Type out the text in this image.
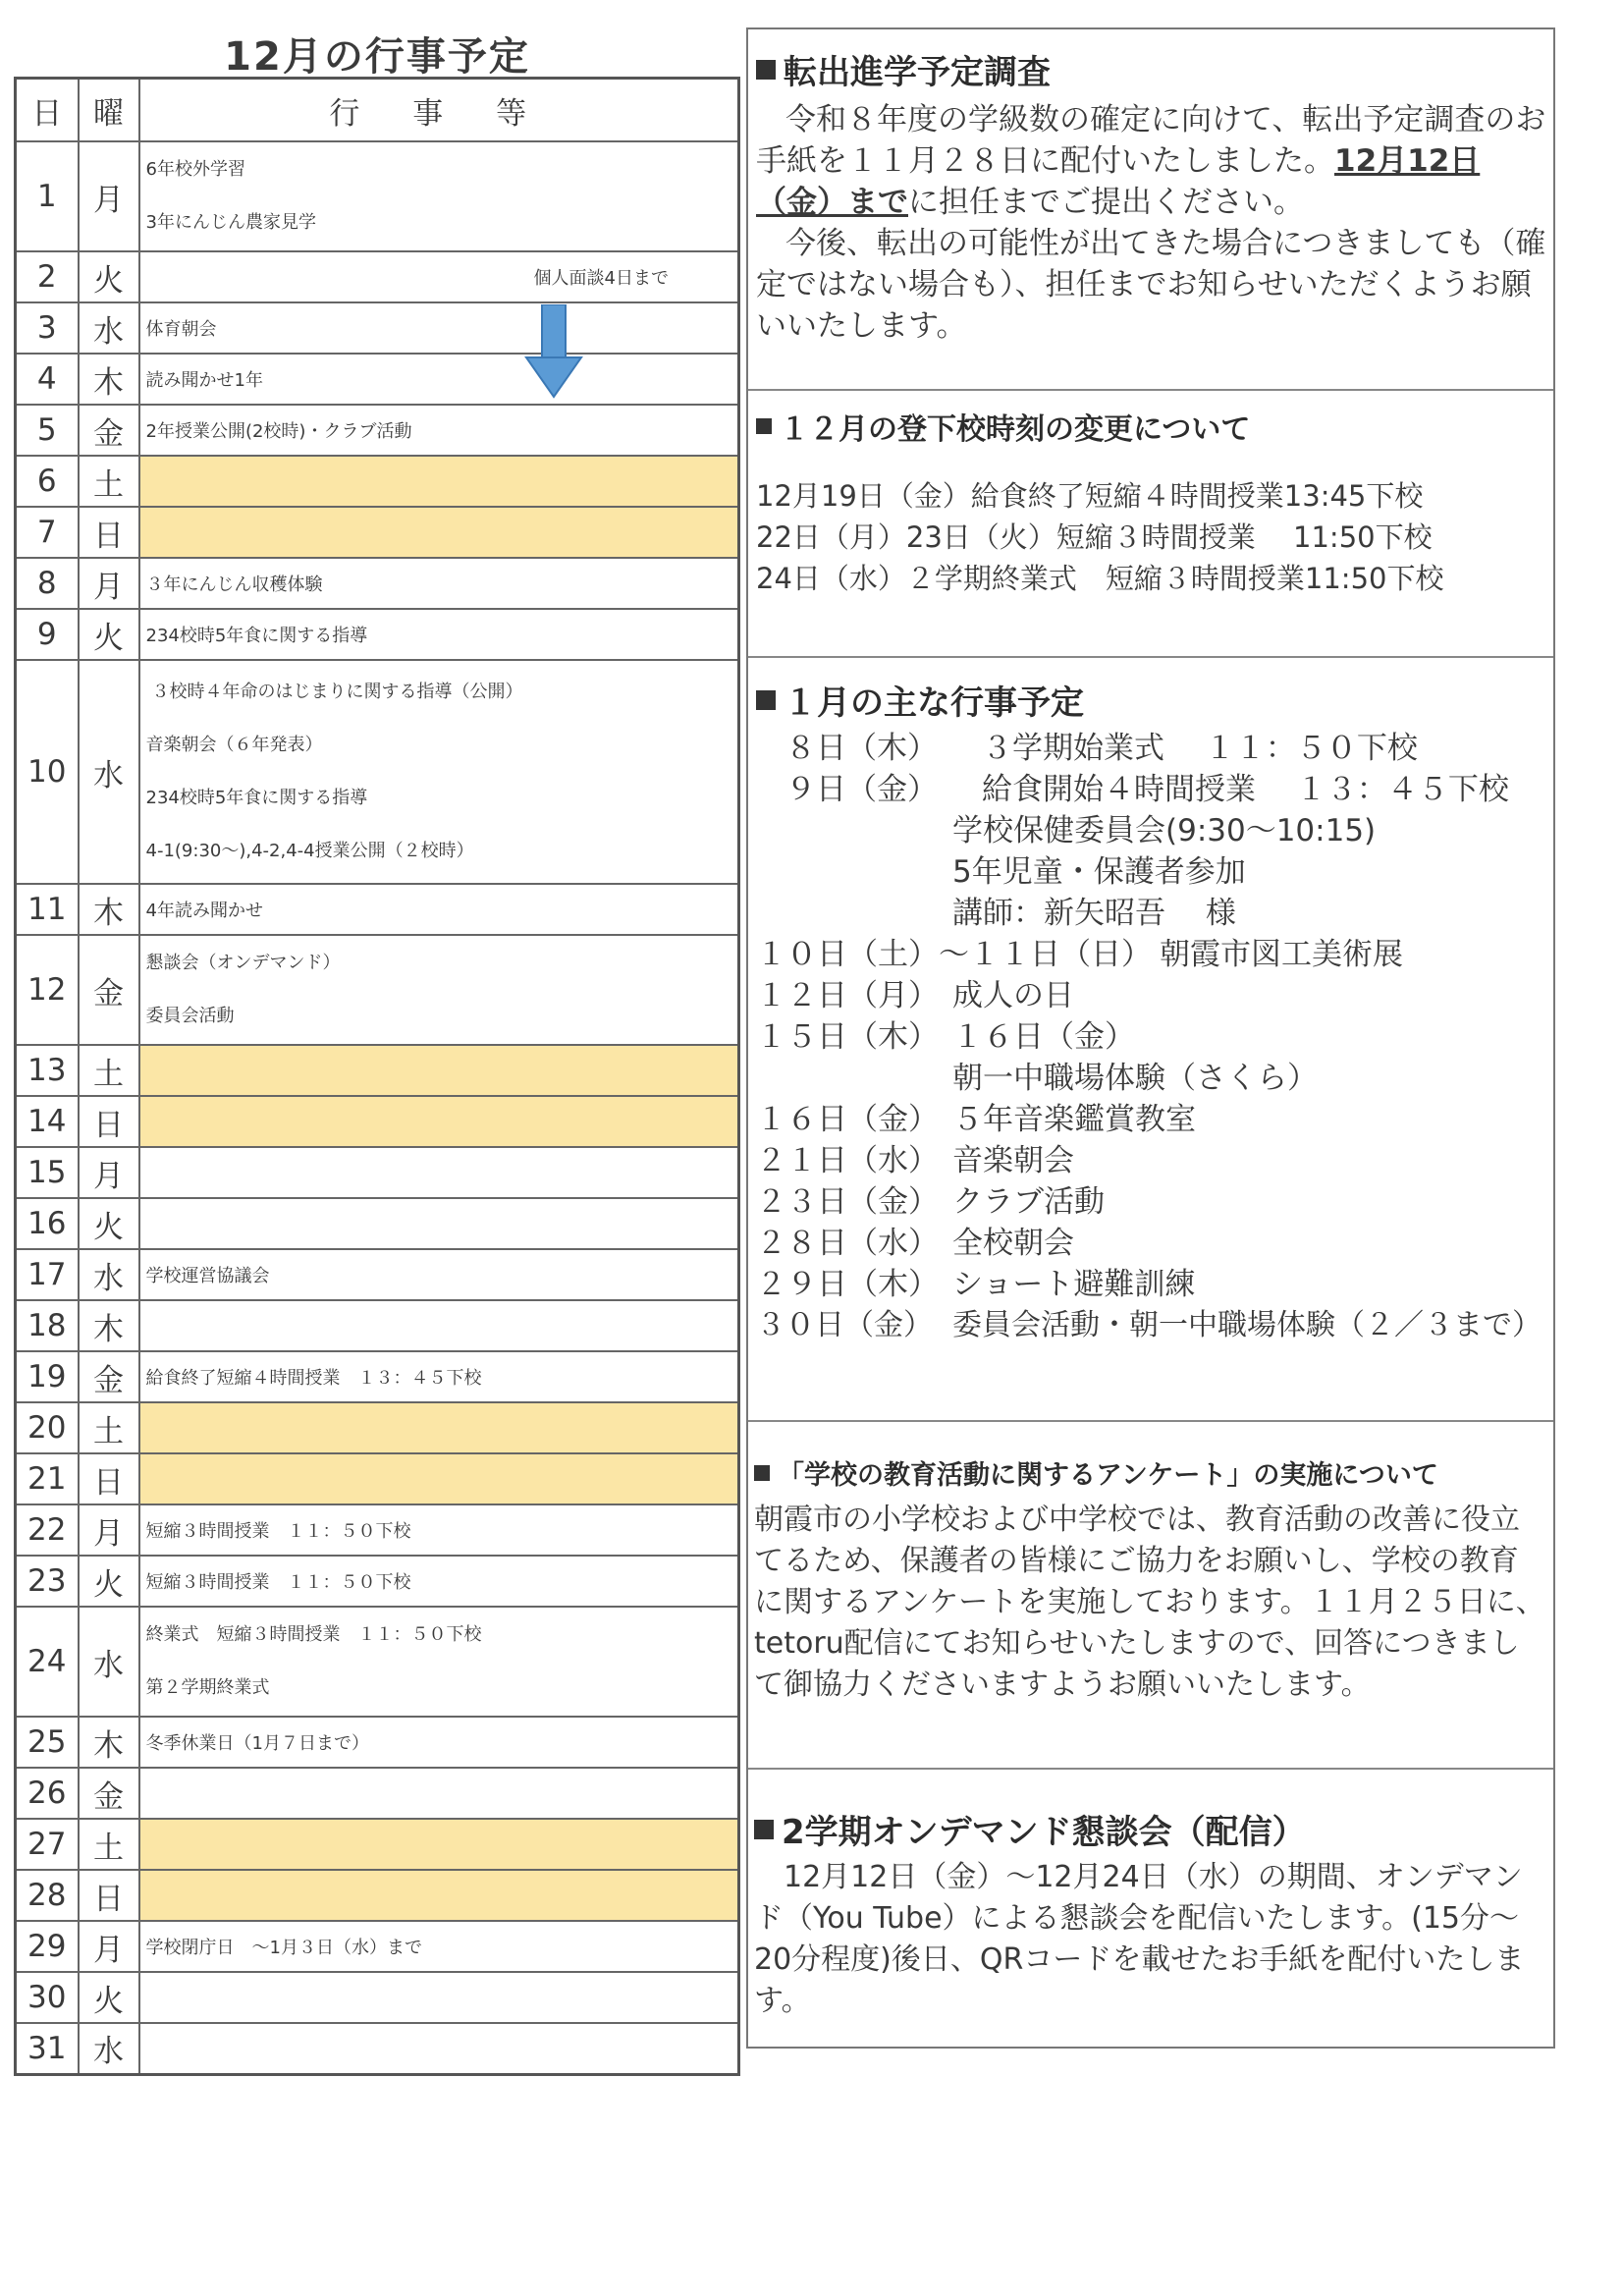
12月の行事予定
日	曜	行 事 等
1	月	6年校外学習
3年にんじん農家見学

2	火	個人面談4日まで

3	水	体育朝会

4	木	読み聞かせ1年

5	金	2年授業公開(2校時)・クラブ活動

6	土	
7	日	
8	月	３年にんじん収穫体験

9	火	234校時5年食に関する指導

10	水	３校時４年命のはじまりに関する指導（公開）
音楽朝会（６年発表）
234校時5年食に関する指導
4-1(9:30～),4-2,4-4授業公開（２校時）

11	木	4年読み聞かせ

12	金	懇談会（オンデマンド）
委員会活動

13	土	
14	日	
15	月	
16	火	
17	水	学校運営協議会

18	木	
19	金	給食終了短縮４時間授業　１３：４５下校

20	土	
21	日	
22	月	短縮３時間授業　１１：５０下校

23	火	短縮３時間授業　１１：５０下校

24	水	終業式　短縮３時間授業　１１：５０下校
第２学期終業式

25	木	冬季休業日（1月７日まで）

26	金	
27	土	
28	日	
29	月	学校閉庁日　～1月３日（水）まで

30	火	
31	水	
転出進学予定調査
令和８年度の学級数の確定に向けて、転出予定調査のお手紙を１１月２８日に配付いたしました。12月12日（金）までに担任までご提出ください。
今後、転出の可能性が出てきた場合につきましても（確定ではない場合も）、担任までお知らせいただくようお願いいたします。
１２月の登下校時刻の変更について
12月19日（金）給食終了短縮４時間授業13:45下校
22日（月）23日（火）短縮３時間授業　 11:50下校
24日（水）２学期終業式　短縮３時間授業11:50下校
１月の主な行事予定
８日（木）	３学期始業式　 １１：５０下校
９日（金）	給食開始４時間授業　 １３：４５下校
学校保健委員会(9:30～10:15)
5年児童・保護者参加
講師：新矢昭吾　 様
１０日（土）～１１日（日） 朝霞市図工美術展
１２日（月） 成人の日
１５日（木） １６日（金）
朝一中職場体験（さくら）
１６日（金） ５年音楽鑑賞教室
２１日（水） 音楽朝会
２３日（金） クラブ活動
２８日（水） 全校朝会
２９日（木） ショート避難訓練
３０日（金） 委員会活動・朝一中職場体験（２／３まで）
「学校の教育活動に関するアンケート」の実施について
朝霞市の小学校および中学校では、教育活動の改善に役立てるため、保護者の皆様にご協力をお願いし、学校の教育に関するアンケートを実施しております。１１月２５日に、tetoru配信にてお知らせいたしますので、回答につきまして御協力くださいますようお願いいたします。
2学期オンデマンド懇談会（配信）
12月12日（金）～12月24日（水）の期間、オンデマンド（You Tube）による懇談会を配信いたします。(15分～20分程度)後日、QRコードを載せたお手紙を配付いたします。
